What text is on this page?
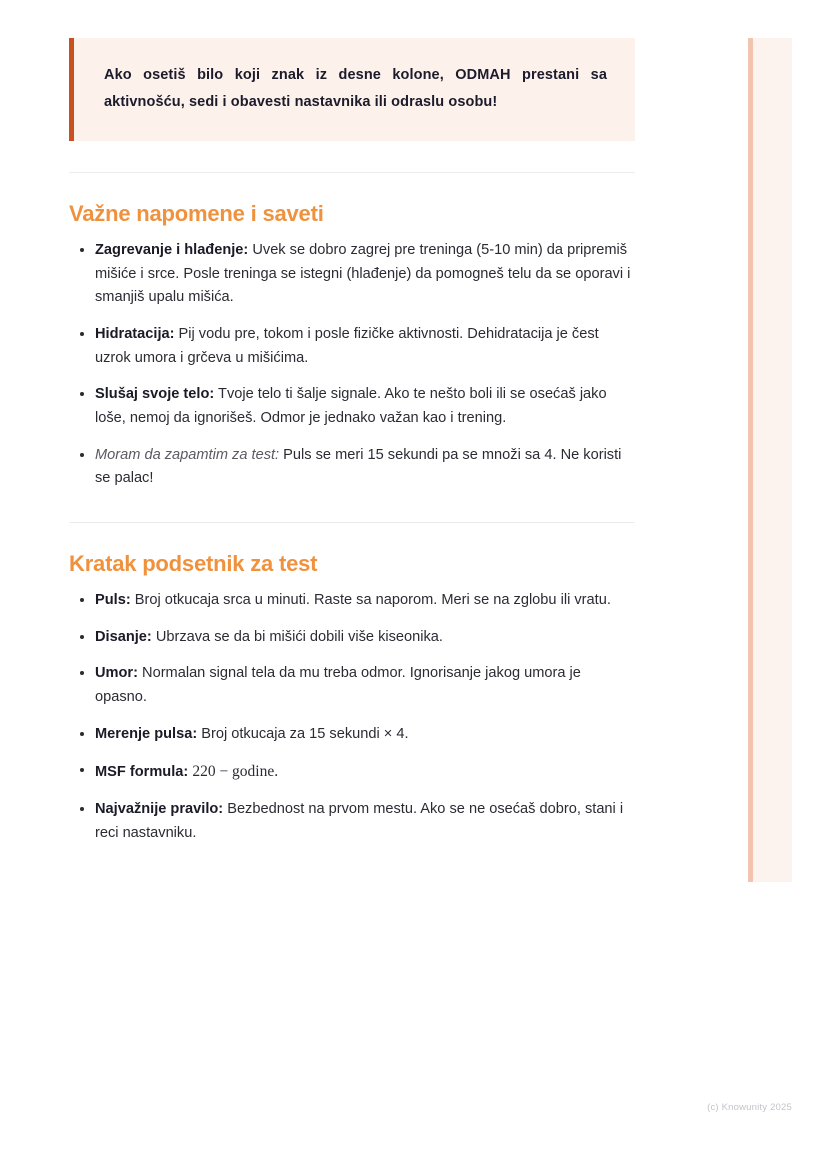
Ako osetiš bilo koji znak iz desne kolone, ODMAH prestani sa aktivnošću, sedi i obavesti nastavnika ili odraslu osobu!

Važne napomene i saveti
Zagrevanje i hlađenje: Uvek se dobro zagrej pre treninga (5-10 min) da pripremiš mišiće i srce. Posle treninga se istegni (hlađenje) da pomogneš telu da se oporavi i smanjiš upalu mišića.
Hidratacija: Pij vodu pre, tokom i posle fizičke aktivnosti. Dehidratacija je čest uzrok umora i grčeva u mišićima.
Slušaj svoje telo: Tvoje telo ti šalje signale. Ako te nešto boli ili se osećaš jako loše, nemoj da ignorišeš. Odmor je jednako važan kao i trening.
Moram da zapamtim za test: Puls se meri 15 sekundi pa se množi sa 4. Ne koristi se palac!
Kratak podsetnik za test
Puls: Broj otkucaja srca u minuti. Raste sa naporom. Meri se na zglobu ili vratu.
Disanje: Ubrzava se da bi mišići dobili više kiseonika.
Umor: Normalan signal tela da mu treba odmor. Ignorisanje jakog umora je opasno.
Merenje pulsa: Broj otkucaja za 15 sekundi × 4.
MSF formula: 220 − godine.
Najvažnije pravilo: Bezbednost na prvom mestu. Ako se ne osećaš dobro, stani i reci nastavniku.
(c) Knowunity 2025
